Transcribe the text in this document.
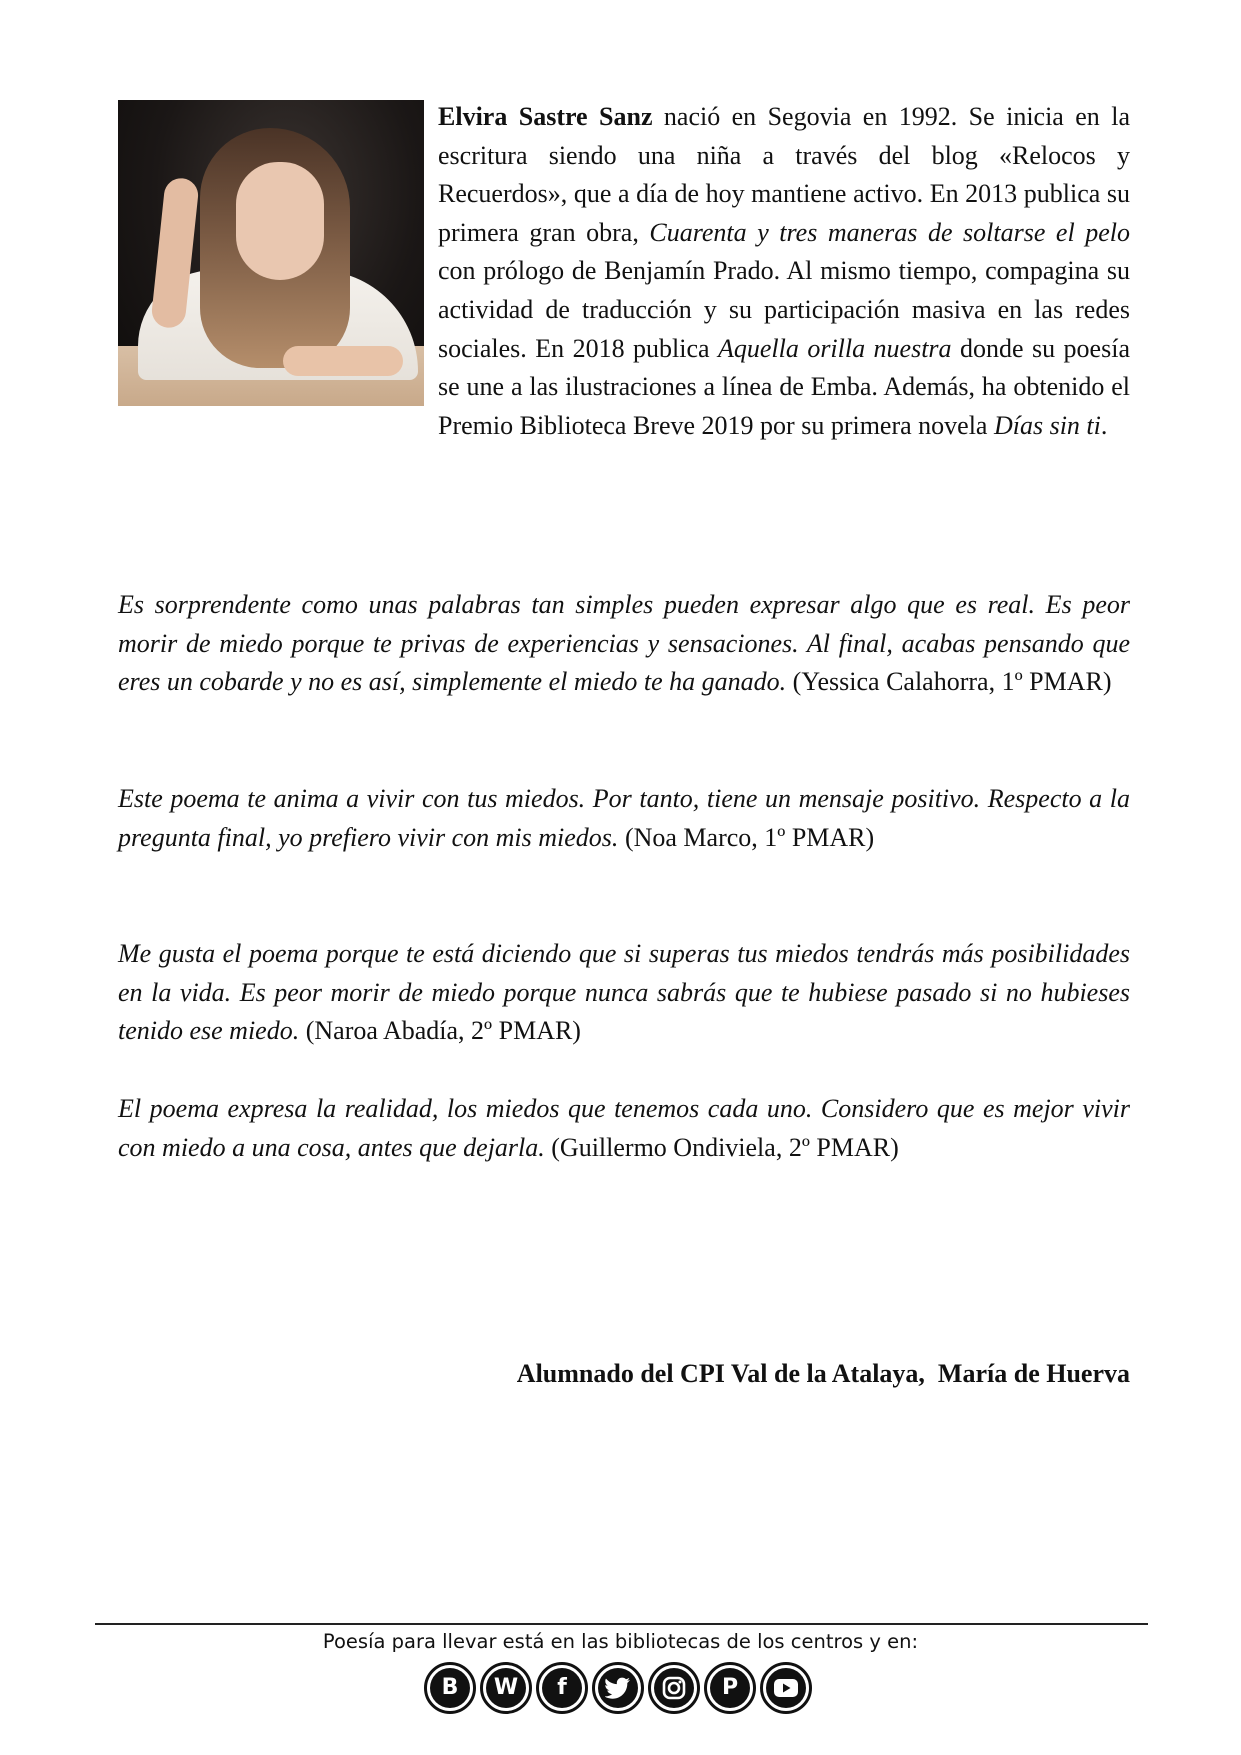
Elvira Sastre Sanz nació en Segovia en 1992. Se inicia en la escritura siendo una niña a través del blog «Relocos y Recuerdos», que a día de hoy mantiene activo. En 2013 publica su primera gran obra, Cuarenta y tres maneras de soltarse el pelo con prólogo de Benjamín Prado. Al mismo tiempo, compagina su actividad de traducción y su participación masiva en las redes sociales. En 2018 publica Aquella orilla nuestra donde su poesía se une a las ilustraciones a línea de Emba. Además, ha obtenido el Premio Biblioteca Breve 2019 por su primera novela Días sin ti.

Es sorprendente como unas palabras tan simples pueden expresar algo que es real. Es peor morir de miedo porque te privas de experiencias y sensaciones. Al final, acabas pensando que eres un cobarde y no es así, simplemente el miedo te ha ganado. (Yessica Calahorra, 1º PMAR)

Este poema te anima a vivir con tus miedos. Por tanto, tiene un mensaje positivo. Respecto a la pregunta final, yo prefiero vivir con mis miedos. (Noa Marco, 1º PMAR)

Me gusta el poema porque te está diciendo que si superas tus miedos tendrás más posibilidades en la vida. Es peor morir de miedo porque nunca sabrás que te hubiese pasado si no hubieses tenido ese miedo. (Naroa Abadía, 2º PMAR)

El poema expresa la realidad, los miedos que tenemos cada uno. Considero que es mejor vivir con miedo a una cosa, antes que dejarla. (Guillermo Ondiviela, 2º PMAR)

Alumnado del CPI Val de la Atalaya,  María de Huerva
Poesía para llevar está en las bibliotecas de los centros y en:
B	W	f	P
